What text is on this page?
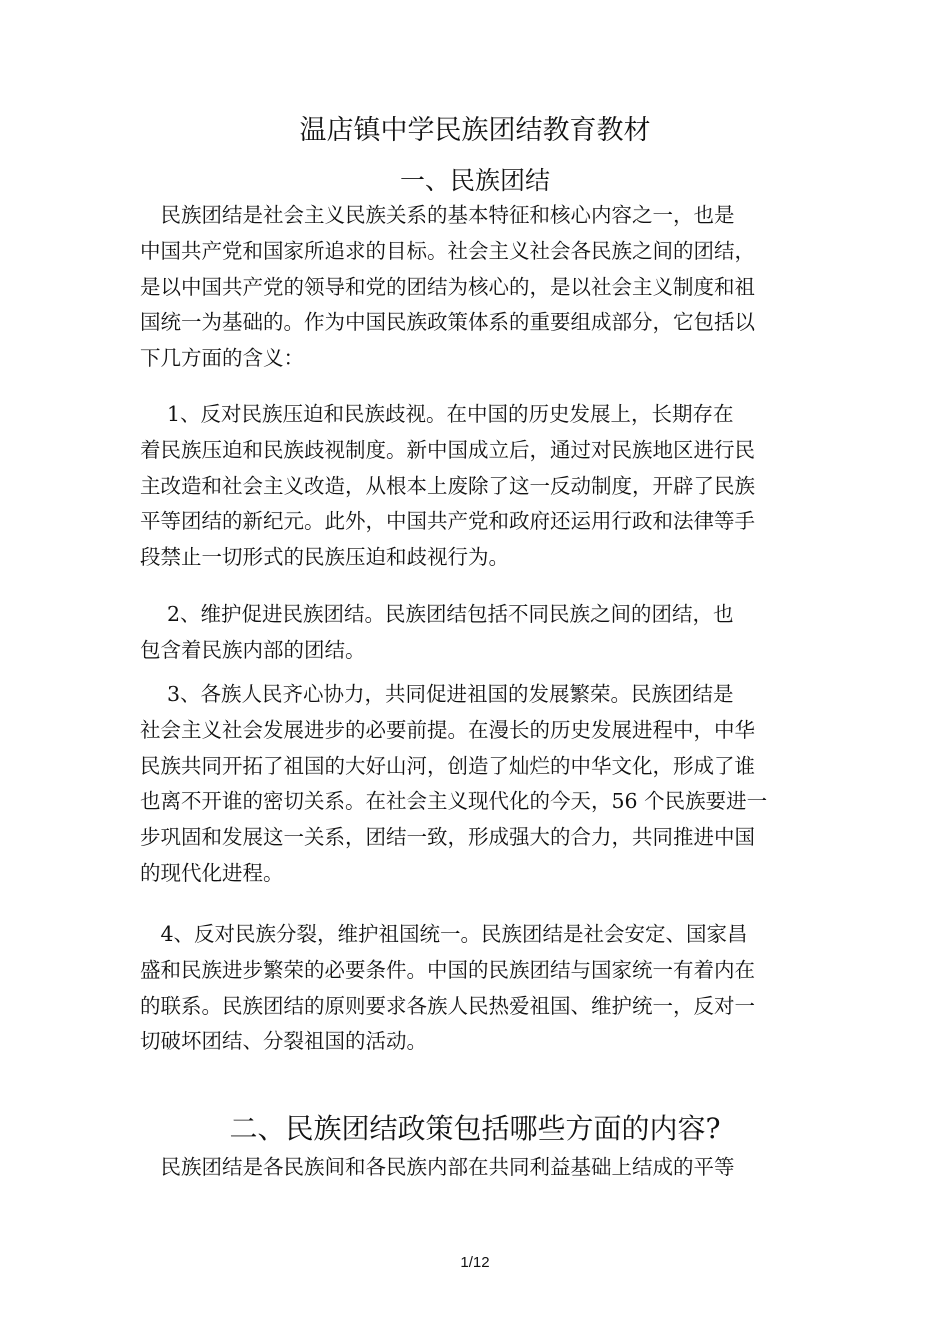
温店镇中学民族团结教育教材
一、民族团结
　民族团结是社会主义民族关系的基本特征和核心内容之一，也是
中国共产党和国家所追求的目标。社会主义社会各民族之间的团结，
是以中国共产党的领导和党的团结为核心的，是以社会主义制度和祖
国统一为基础的。作为中国民族政策体系的重要组成部分，它包括以
下几方面的含义：
　 1、反对民族压迫和民族歧视。在中国的历史发展上，长期存在
着民族压迫和民族歧视制度。新中国成立后，通过对民族地区进行民
主改造和社会主义改造，从根本上废除了这一反动制度，开辟了民族
平等团结的新纪元。此外，中国共产党和政府还运用行政和法律等手
段禁止一切形式的民族压迫和歧视行为。
　 2、维护促进民族团结。民族团结包括不同民族之间的团结，也
包含着民族内部的团结。
　 3、各族人民齐心协力，共同促进祖国的发展繁荣。民族团结是
社会主义社会发展进步的必要前提。在漫长的历史发展进程中，中华
民族共同开拓了祖国的大好山河，创造了灿烂的中华文化，形成了谁
也离不开谁的密切关系。在社会主义现代化的今天，56 个民族要进一
步巩固和发展这一关系，团结一致，形成强大的合力，共同推进中国
的现代化进程。
　4、反对民族分裂，维护祖国统一。民族团结是社会安定、国家昌
盛和民族进步繁荣的必要条件。中国的民族团结与国家统一有着内在
的联系。民族团结的原则要求各族人民热爱祖国、维护统一，反对一
切破坏团结、分裂祖国的活动。
二、民族团结政策包括哪些方面的内容?
　民族团结是各民族间和各民族内部在共同利益基础上结成的平等
1/12
